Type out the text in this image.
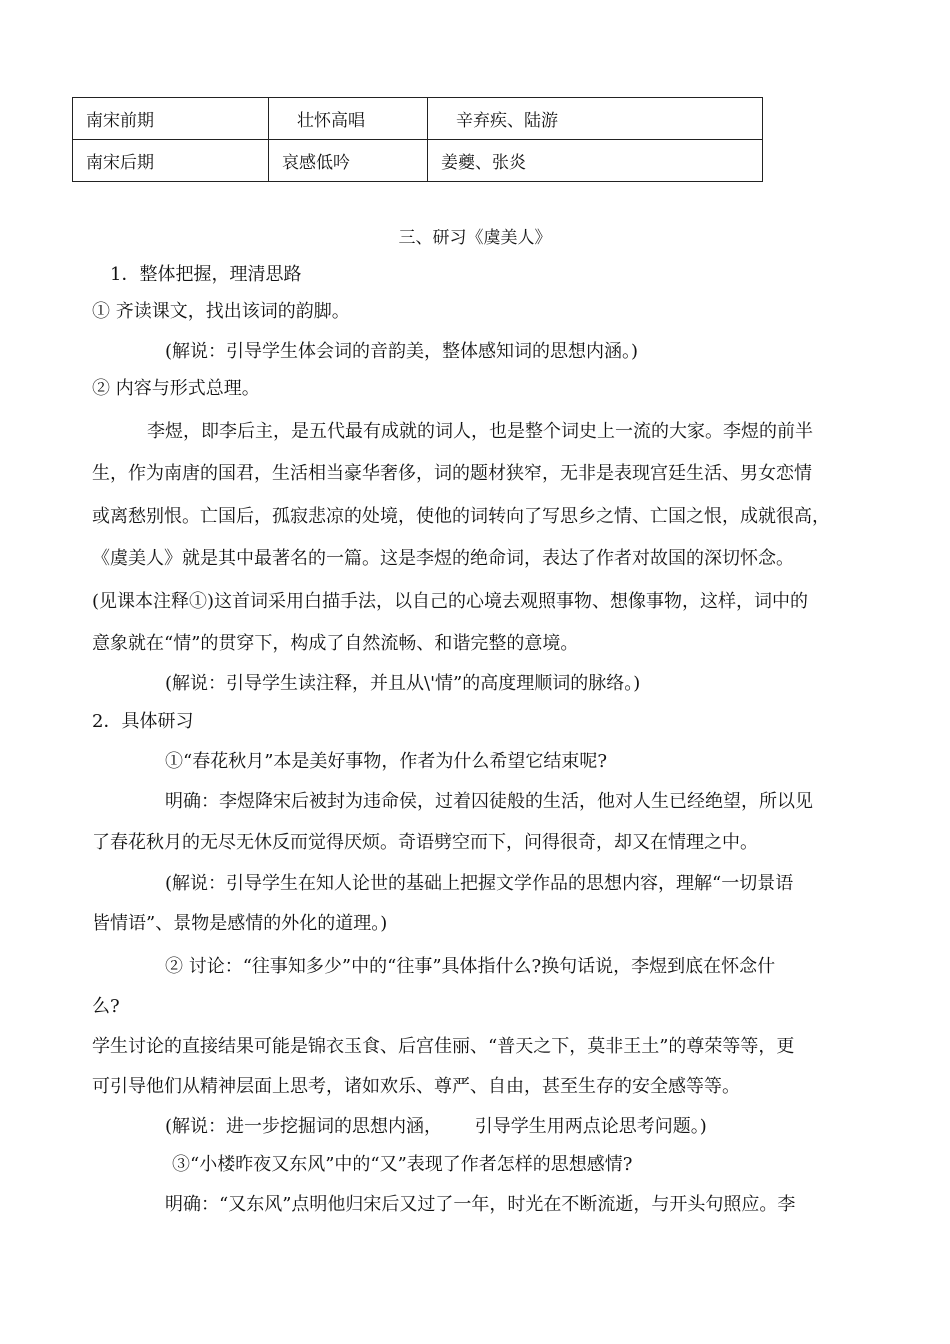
南宋前期	壮怀高唱	辛弃疾、陆游
南宋后期	哀感低吟	姜夔、张炎

三、研习《虞美人》

1．整体把握，理清思路

① 齐读课文，找出该词的韵脚。

(解说：引导学生体会词的音韵美，整体感知词的思想内涵。)

② 内容与形式总理。

李煜，即李后主，是五代最有成就的词人，也是整个词史上一流的大家。李煜的前半

生，作为南唐的国君，生活相当豪华奢侈，词的题材狭窄，无非是表现宫廷生活、男女恋情

或离愁别恨。亡国后，孤寂悲凉的处境，使他的词转向了写思乡之情、亡国之恨，成就很高，

《虞美人》就是其中最著名的一篇。这是李煜的绝命词，表达了作者对故国的深切怀念。

(见课本注释①)这首词采用白描手法，以自己的心境去观照事物、想像事物，这样，词中的

意象就在“情”的贯穿下，构成了自然流畅、和谐完整的意境。

(解说：引导学生读注释，并且从\'情”的高度理顺词的脉络。)

2．具体研习

①“春花秋月”本是美好事物，作者为什么希望它结束呢?

明确：李煜降宋后被封为违命侯，过着囚徒般的生活，他对人生已经绝望，所以见

了春花秋月的无尽无休反而觉得厌烦。奇语劈空而下，问得很奇，却又在情理之中。

(解说：引导学生在知人论世的基础上把握文学作品的思想内容，理解“一切景语

皆情语”、景物是感情的外化的道理。)

② 讨论：“往事知多少”中的“往事”具体指什么?换句话说，李煜到底在怀念什

么?

学生讨论的直接结果可能是锦衣玉食、后宫佳丽、“普天之下，莫非王土”的尊荣等等，更

可引导他们从精神层面上思考，诸如欢乐、尊严、自由，甚至生存的安全感等等。

(解说：进一步挖掘词的思想内涵，　　 引导学生用两点论思考问题。)

③“小楼昨夜又东风”中的“又”表现了作者怎样的思想感情?

明确：“又东风”点明他归宋后又过了一年，时光在不断流逝，与开头句照应。李
